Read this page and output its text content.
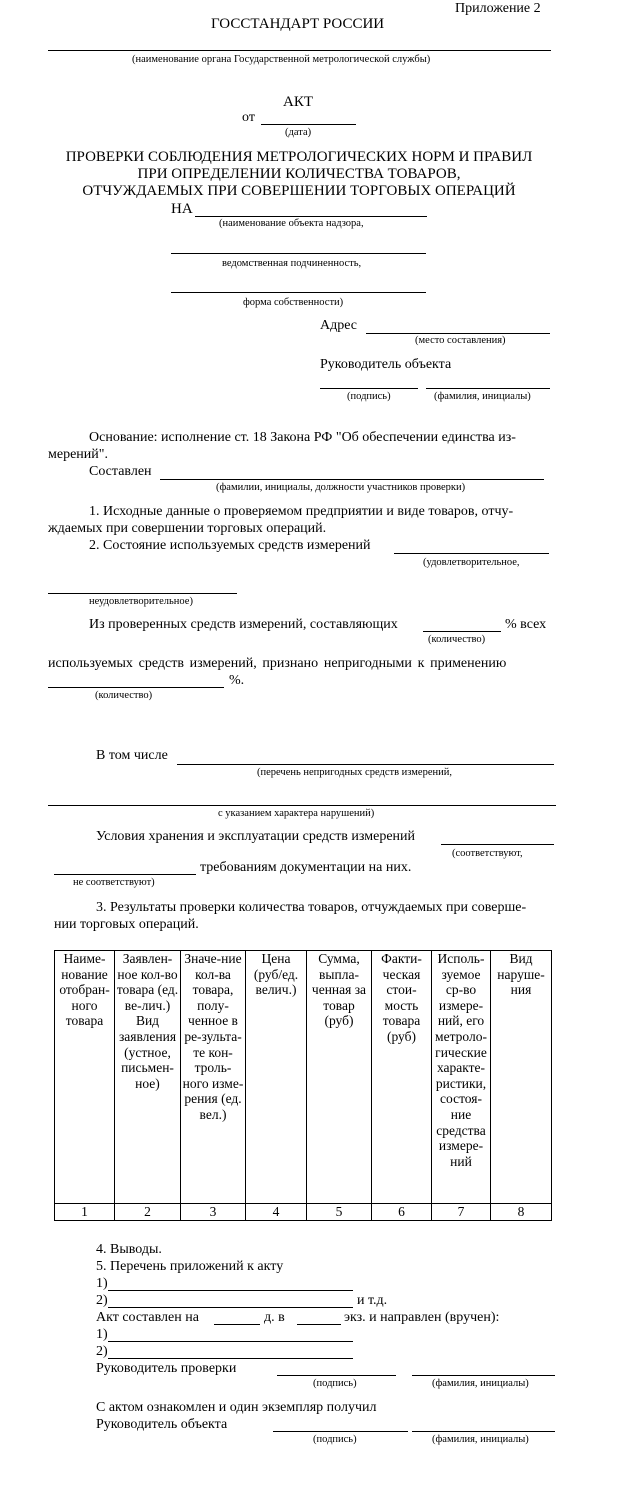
Приложение 2
ГОССТАНДАРТ РОССИИ
(наименование органа Государственной метрологической службы)
АКТ
от
(дата)
ПРОВЕРКИ СОБЛЮДЕНИЯ МЕТРОЛОГИЧЕСКИХ НОРМ И ПРАВИЛ
ПРИ ОПРЕДЕЛЕНИИ КОЛИЧЕСТВА ТОВАРОВ,
ОТЧУЖДАЕМЫХ ПРИ СОВЕРШЕНИИ ТОРГОВЫХ ОПЕРАЦИЙ
НА
(наименование объекта надзора,
ведомственная подчиненность,
форма собственности)
Адрес
(место составления)
Руководитель объекта
(подпись)	(фамилия, инициалы)
Основание: исполнение ст. 18 Закона РФ "Об обеспечении единства из-
мерений".
Составлен
(фамилии, инициалы, должности участников проверки)
1. Исходные данные о проверяемом предприятии и виде товаров, отчу-
ждаемых при совершении торговых операций.
2. Состояние используемых средств измерений
(удовлетворительное,
неудовлетворительное)
Из проверенных средств измерений, составляющих	% всех
(количество)
используемых средств измерений, признано непригодными к применению
%.
(количество)
В том числе
(перечень непригодных средств измерений,
с указанием характера нарушений)
Условия хранения и эксплуатации средств измерений
(соответствуют,
требованиям документации на них.
не соответствуют)
3. Результаты проверки количества товаров, отчуждаемых при соверше-
нии торговых операций.
Наиме-нование отобран-ного товара	Заявлен-ное кол-во товара (ед. ве-лич.) Вид заявления (устное, письмен-ное)	Значе-ние кол-ва товара, полу-ченное в ре-зульта-те кон-троль-ного изме-рения (ед. вел.)	Цена (руб/ед. велич.)	Сумма, выпла-ченная за товар (руб)	Факти-ческая стои-мость товара (руб)	Исполь-зуемое ср-во измере-ний, его метроло-гические характе-ристики, состоя-ние средства измере-ний	Вид наруше-ния
1	2	3	4	5	6	7	8
4. Выводы.
5. Перечень приложений к акту
1)
2)	и т.д.
Акт составлен на	д. в	экз. и направлен (вручен):
1)
2)
Руководитель проверки
(подпись)	(фамилия, инициалы)
С актом ознакомлен и один экземпляр получил
Руководитель объекта
(подпись)	(фамилия, инициалы)
